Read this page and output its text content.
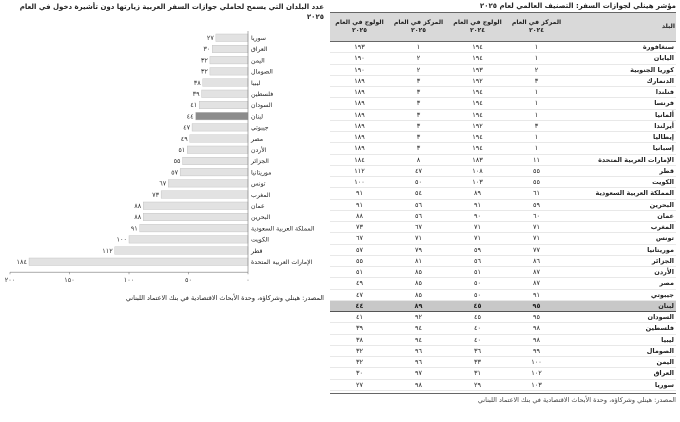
عدد البلدان التي يسمح لحاملي جوازات السفر العربية زيارتها دون تأشيرة دخول في العام ٢٠٢٥
٢٧	سوريا
٣٠	العراق
٣٢	اليمن
٣٢	الصومال
٣٨	ليبيا
٣٩	فلسطين
٤١	السودان
٤٤	لبنان
٤٧	جيبوتي
٤٩	مصر
٥١	الأردن
٥٥	الجزائر
٥٧	موريتانيا
٦٧	تونس
٧٣	المغرب
٨٨	عمان
٨٨	البحرين
٩١	المملكة العربية السعودية
١٠٠	الكويت
١١٢	قطر
١٨٤	الإمارات العربية المتحدة
٠
٥٠
١٠٠
١٥٠
٢٠٠
المصدر: هينلي وشركاؤه، وحدة الأبحاث الاقتصادية في بنك الاعتماد اللبناني
مؤشر هينلي لجوازات السفر: التصنيف العالمي لعام ٢٠٢٥
البلد	المركز في العام ٢٠٢٤	الولوج في العام ٢٠٢٤	المركز في العام ٢٠٢٥	الولوج في العام ٢٠٢٥
سنغافورة	١	١٩٤	١	١٩٣
اليابان	١	١٩٤	٢	١٩٠
كوريا الجنوبية	٢	١٩٣	٢	١٩٠
الدنمارك	٣	١٩٢	٣	١٨٩
فنلندا	١	١٩٤	٣	١٨٩
فرنسا	١	١٩٤	٣	١٨٩
ألمانيا	١	١٩٤	٣	١٨٩
أيرلندا	٣	١٩٢	٣	١٨٩
إيطاليا	١	١٩٤	٣	١٨٩
إسبانيا	١	١٩٤	٣	١٨٩
الإمارات العربية المتحدة	١١	١٨٣	٨	١٨٤
قطر	٥٥	١٠٨	٤٧	١١٢
الكويت	٥٥	١٠٣	٥٠	١٠٠
المملكة العربية السعودية	٦١	٨٩	٥٤	٩١
البحرين	٥٩	٩١	٥٦	٩١
عمان	٦٠	٩٠	٥٦	٨٨
المغرب	٧١	٧١	٦٧	٧٣
تونس	٧١	٧١	٧١	٦٧
موريتانيا	٧٧	٥٩	٧٩	٥٧
الجزائر	٨٦	٥٦	٨١	٥٥
الأردن	٨٧	٥١	٨٥	٥١
مصر	٨٧	٥٠	٨٥	٤٩
جيبوتي	٩١	٥٠	٨٥	٤٧
لبنان	٩٥	٤٥	٨٩	٤٤
السودان	٩٥	٤٥	٩٢	٤١
فلسطين	٩٨	٤٠	٩٤	٣٩
ليبيا	٩٨	٤٠	٩٤	٣٨
الصومال	٩٩	٣٦	٩٦	٣٢
اليمن	١٠٠	٣٣	٩٦	٣٢
العراق	١٠٢	٣١	٩٧	٣٠
سوريا	١٠٣	٢٩	٩٨	٢٧
المصدر: هينلي وشركاؤه، وحدة الأبحاث الاقتصادية في بنك الاعتماد اللبناني
